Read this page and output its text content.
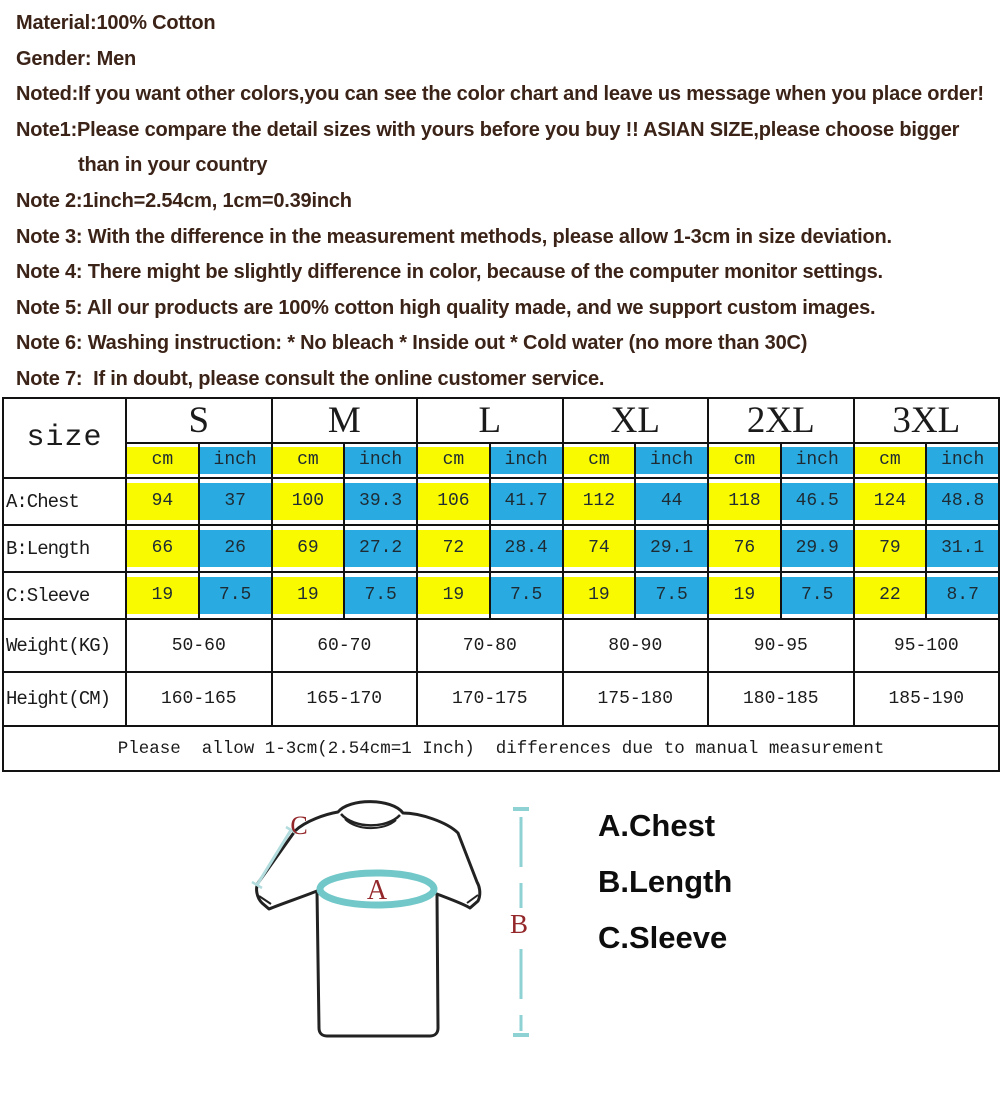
Material:100% Cotton
Gender: Men
Noted:If you want other colors,you can see the color chart and leave us message when you place order!
Note1:Please compare the detail sizes with yours before you buy !! ASIAN SIZE,please choose bigger
than in your country
Note 2:1inch=2.54cm, 1cm=0.39inch
Note 3: With the difference in the measurement methods, please allow 1-3cm in size deviation.
Note 4: There might be slightly difference in color, because of the computer monitor settings.
Note 5: All our products are 100% cotton high quality made, and we support custom images.
Note 6: Washing instruction: * No bleach * Inside out * Cold water (no more than 30C)
Note 7:  If in doubt, please consult the online customer service.
size	S		M		L		XL		2XL		3XL	

	cm	inch	cm	inch	cm	inch	cm	inch	cm	inch	cm	inch

A:Chest	94	37	100	39.3	106	41.7	112	44	118	46.5	124	48.8

B:Length	66	26	69	27.2	72	28.4	74	29.1	76	29.9	79	31.1

C:Sleeve	19	7.5	19	7.5	19	7.5	19	7.5	19	7.5	22	8.7

Weight(KG)	50-60		60-70		70-80		80-90		90-95		95-100	
Height(CM)	160-165		165-170		170-175		175-180		180-185		185-190	
Please  allow 1-3cm(2.54cm=1 Inch)  differences due to manual measurement												
A
C
B
A.Chest
B.Length
C.Sleeve
